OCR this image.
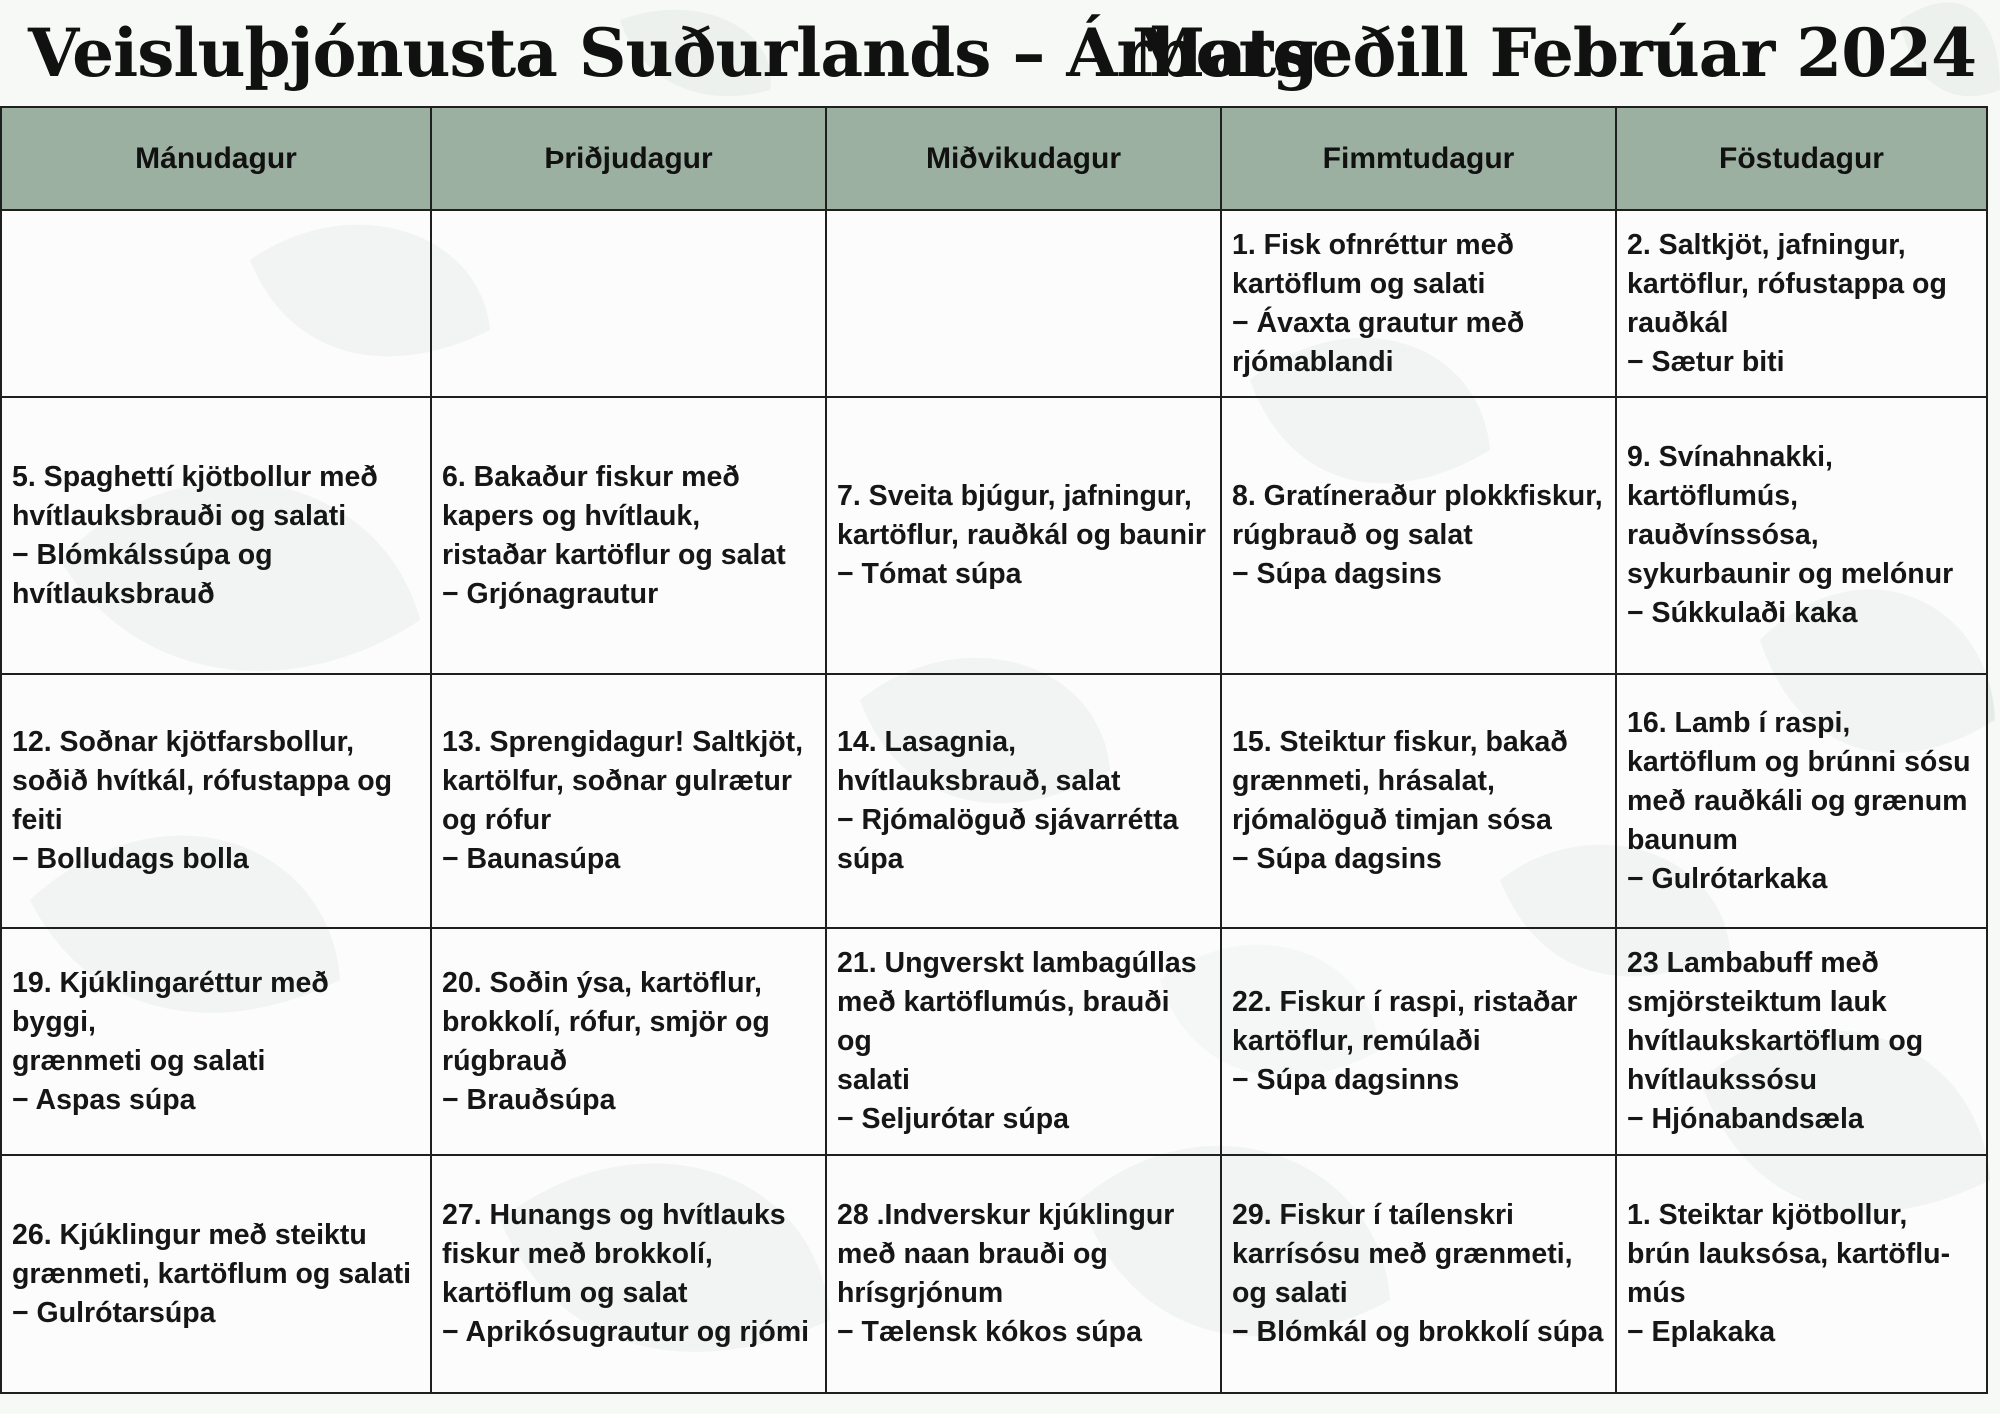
Veisluþjónusta Suðurlands – Árborg
Matseðill Febrúar 2024
Mánudagur	Þriðjudagur	Miðvikudagur	Fimmtudagur	Föstudagur

			1. Fisk ofnréttur með
kartöflum og salati
− Ávaxta grautur með
rjómablandi	2. Saltkjöt, jafningur,
kartöflur, rófustappa og
rauðkál
− Sætur biti

5. Spaghettí kjötbollur með
hvítlauksbrauði og salati
− Blómkálssúpa og
hvítlauksbrauð	6. Bakaður fiskur með
kapers og hvítlauk,
ristaðar kartöflur og salat
− Grjónagrautur	7. Sveita bjúgur, jafningur,
kartöflur, rauðkál og baunir
− Tómat súpa	8. Gratíneraður plokkfiskur,
rúgbrauð og salat
− Súpa dagsins	9. Svínahnakki,
kartöflumús,
rauðvínssósa,
sykurbaunir og melónur
− Súkkulaði kaka

12. Soðnar kjötfarsbollur,
soðið hvítkál, rófustappa og
feiti
− Bolludags bolla	13. Sprengidagur! Saltkjöt,
kartölfur, soðnar gulrætur
og rófur
− Baunasúpa	14. Lasagnia,
hvítlauksbrauð, salat
− Rjómalöguð sjávarrétta
súpa	15. Steiktur fiskur, bakað
grænmeti, hrásalat,
rjómalöguð timjan sósa
− Súpa dagsins	16. Lamb í raspi,
kartöflum og brúnni sósu
með rauðkáli og grænum
baunum
− Gulrótarkaka

19. Kjúklingaréttur með byggi,
grænmeti og salati
− Aspas súpa	20. Soðin ýsa, kartöflur,
brokkolí, rófur, smjör og
rúgbrauð
− Brauðsúpa	21. Ungverskt lambagúllas
með kartöflumús, brauði og
salati
− Seljurótar súpa	22. Fiskur í raspi, ristaðar
kartöflur, remúlaði
− Súpa dagsinns	23 Lambabuff með
smjörsteiktum lauk
hvítlaukskartöflum og
hvítlaukssósu
− Hjónabandsæla

26. Kjúklingur með steiktu
grænmeti, kartöflum og salati
− Gulrótarsúpa	27. Hunangs og hvítlauks
fiskur með brokkolí,
kartöflum og salat
− Aprikósugrautur og rjómi	28 .Indverskur kjúklingur
með naan brauði og
hrísgrjónum
− Tælensk kókos súpa	29. Fiskur í taílenskri
karrísósu með grænmeti,
og salati
− Blómkál og brokkolí súpa	1. Steiktar kjötbollur,
brún lauksósa, kartöflu-
mús
− Eplakaka
